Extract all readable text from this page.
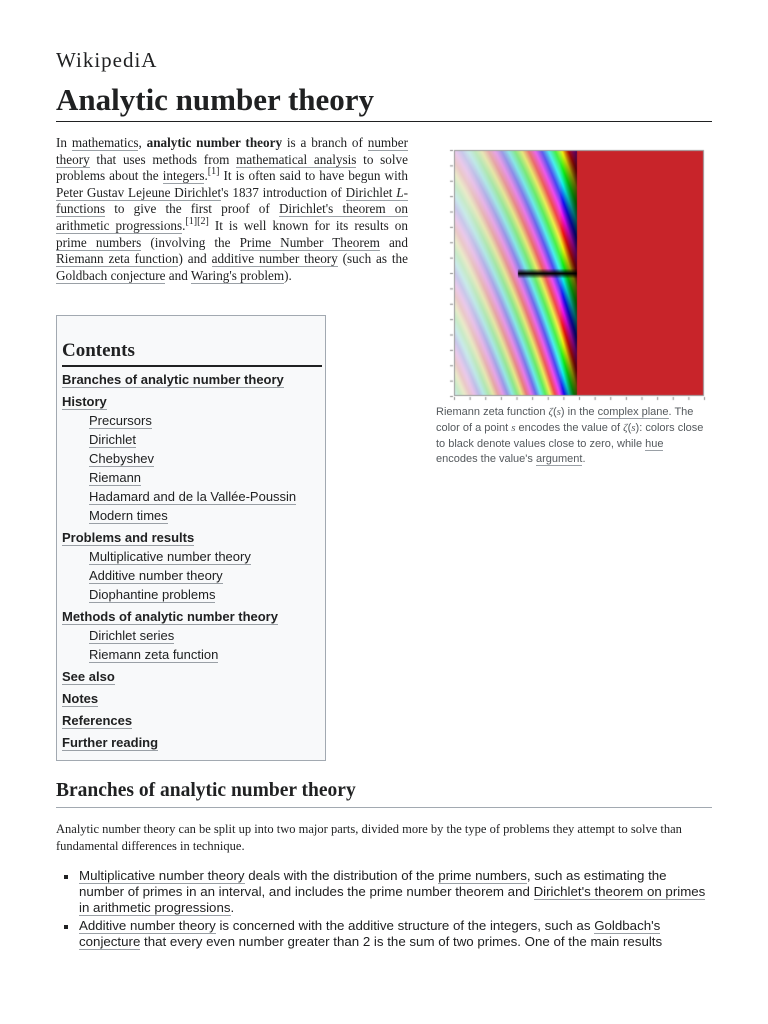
WikipediA
Analytic number theory

In mathematics, analytic number theory is a branch of number theory that uses methods from mathematical analysis to solve problems about the integers.[1] It is often said to have begun with Peter Gustav Lejeune Dirichlet's 1837 introduction of Dirichlet L-functions to give the first proof of Dirichlet's theorem on arithmetic progressions.[1][2] It is well known for its results on prime numbers (involving the Prime Number Theorem and Riemann zeta function) and additive number theory (such as the Goldbach conjecture and Waring's problem).

Riemann zeta function ζ(s) in the complex plane. The color of a point s encodes the value of ζ(s): colors close to black denote values close to zero, while hue encodes the value's argument.
Contents
Branches of analytic number theory
History
Precursors
Dirichlet
Chebyshev
Riemann
Hadamard and de la Vallée-Poussin
Modern times
Problems and results
Multiplicative number theory
Additive number theory
Diophantine problems
Methods of analytic number theory
Dirichlet series
Riemann zeta function
See also
Notes
References
Further reading
Branches of analytic number theory

Analytic number theory can be split up into two major parts, divided more by the type of problems they attempt to solve than fundamental differences in technique.

Multiplicative number theory deals with the distribution of the prime numbers, such as estimating the number of primes in an interval, and includes the prime number theorem and Dirichlet's theorem on primes in arithmetic progressions.
Additive number theory is concerned with the additive structure of the integers, such as Goldbach's conjecture that every even number greater than 2 is the sum of two primes. One of the main results
